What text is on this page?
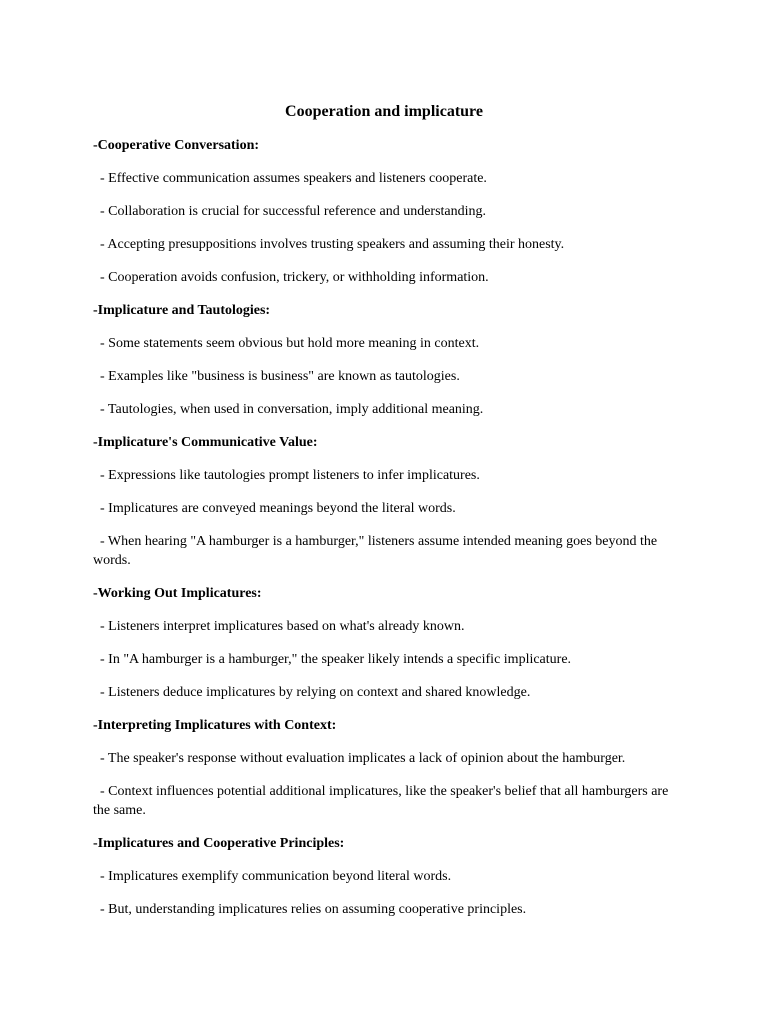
Cooperation and implicature
-Cooperative Conversation:
- Effective communication assumes speakers and listeners cooperate.
- Collaboration is crucial for successful reference and understanding.
- Accepting presuppositions involves trusting speakers and assuming their honesty.
- Cooperation avoids confusion, trickery, or withholding information.
-Implicature and Tautologies:
- Some statements seem obvious but hold more meaning in context.
- Examples like "business is business" are known as tautologies.
- Tautologies, when used in conversation, imply additional meaning.
-Implicature's Communicative Value:
- Expressions like tautologies prompt listeners to infer implicatures.
- Implicatures are conveyed meanings beyond the literal words.
- When hearing "A hamburger is a hamburger," listeners assume intended meaning goes beyond the words.
-Working Out Implicatures:
- Listeners interpret implicatures based on what's already known.
- In "A hamburger is a hamburger," the speaker likely intends a specific implicature.
- Listeners deduce implicatures by relying on context and shared knowledge.
-Interpreting Implicatures with Context:
- The speaker's response without evaluation implicates a lack of opinion about the hamburger.
- Context influences potential additional implicatures, like the speaker's belief that all hamburgers are the same.
-Implicatures and Cooperative Principles:
- Implicatures exemplify communication beyond literal words.
- But, understanding implicatures relies on assuming cooperative principles.
